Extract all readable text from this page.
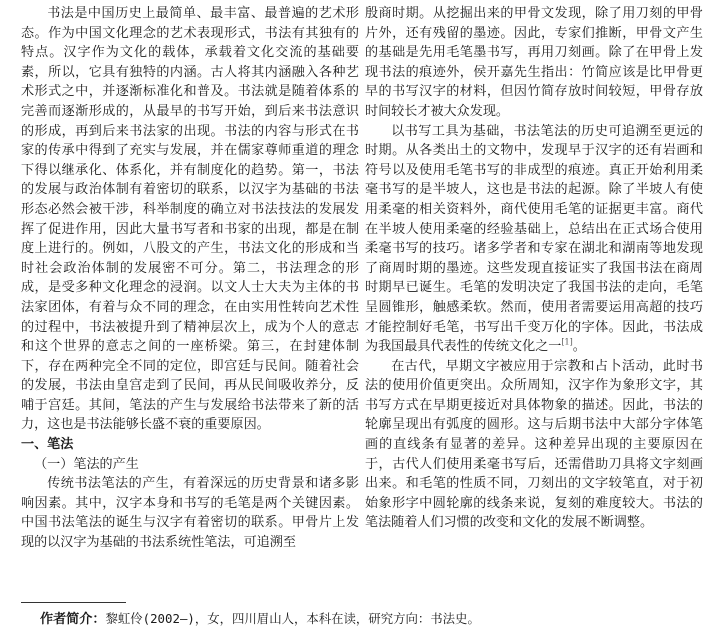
书法是中国历史上最简单、最丰富、最普遍的艺术形态。作为中国文化理念的艺术表现形式，书法有其独有的特点。汉字作为文化的载体，承载着文化交流的基础要素，所以，它具有独特的内涵。古人将其内涵融入各种艺术形式之中，并逐渐标准化和普及。书法就是随着体系的完善而逐渐形成的，从最早的书写开始，到后来书法意识的形成，再到后来书法家的出现。书法的内容与形式在书家的传承中得到了充实与发展，并在儒家尊师重道的理念下得以继承化、体系化，并有制度化的趋势。第一，书法的发展与政治体制有着密切的联系，以汉字为基础的书法形态必然会被干涉，科举制度的确立对书法技法的发展发挥了促进作用，因此大量书写者和书家的出现，都是在制度上进行的。例如，八股文的产生，书法文化的形成和当时社会政治体制的发展密不可分。第二，书法理念的形成，是受多种文化理念的浸润。以文人士大夫为主体的书法家团体，有着与众不同的理念，在由实用性转向艺术性的过程中，书法被提升到了精神层次上，成为个人的意志和这个世界的意志之间的一座桥梁。第三，在封建体制下，存在两种完全不同的定位，即宫廷与民间。随着社会的发展，书法由皇宫走到了民间，再从民间吸收养分，反哺于宫廷。其间，笔法的产生与发展给书法带来了新的活力，这也是书法能够长盛不衰的重要原因。

一、笔法
（一）笔法的产生

传统书法笔法的产生，有着深远的历史背景和诸多影响因素。其中，汉字本身和书写的毛笔是两个关键因素。中国书法笔法的诞生与汉字有着密切的联系。甲骨片上发现的以汉字为基础的书法系统性笔法，可追溯至

殷商时期。从挖掘出来的甲骨文发现，除了用刀刻的甲骨片外，还有残留的墨迹。因此，专家们推断，甲骨文产生的基础是先用毛笔墨书写，再用刀刻画。除了在甲骨上发现书法的痕迹外，侯开嘉先生指出：竹简应该是比甲骨更早的书写汉字的材料，但因竹简存放时间较短，甲骨存放时间较长才被大众发现。

以书写工具为基础，书法笔法的历史可追溯至更远的时期。从各类出土的文物中，发现早于汉字的还有岩画和符号以及使用毛笔书写的非成型的痕迹。真正开始利用柔毫书写的是半坡人，这也是书法的起源。除了半坡人有使用柔毫的相关资料外，商代使用毛笔的证据更丰富。商代在半坡人使用柔毫的经验基础上，总结出在正式场合使用柔毫书写的技巧。诸多学者和专家在湖北和湖南等地发现了商周时期的墨迹。这些发现直接证实了我国书法在商周时期早已诞生。毛笔的发明决定了我国书法的走向，毛笔呈圆锥形，触感柔软。然而，使用者需要运用高超的技巧才能控制好毛笔，书写出千变万化的字体。因此，书法成为我国最具代表性的传统文化之一[1]。

在古代，早期文字被应用于宗教和占卜活动，此时书法的使用价值更突出。众所周知，汉字作为象形文字，其书写方式在早期更接近对具体物象的描述。因此，书法的轮廓呈现出有弧度的圆形。这与后期书法中大部分字体笔画的直线条有显著的差异。这种差异出现的主要原因在于，古代人们使用柔毫书写后，还需借助刀具将文字刻画出来。和毛笔的性质不同，刀刻出的文字较笔直，对于初始象形字中圆轮廓的线条来说，复刻的难度较大。书法的笔法随着人们习惯的改变和文化的发展不断调整。

作者简介：黎虹伶(2002—)，女，四川眉山人，本科在读，研究方向：书法史。
